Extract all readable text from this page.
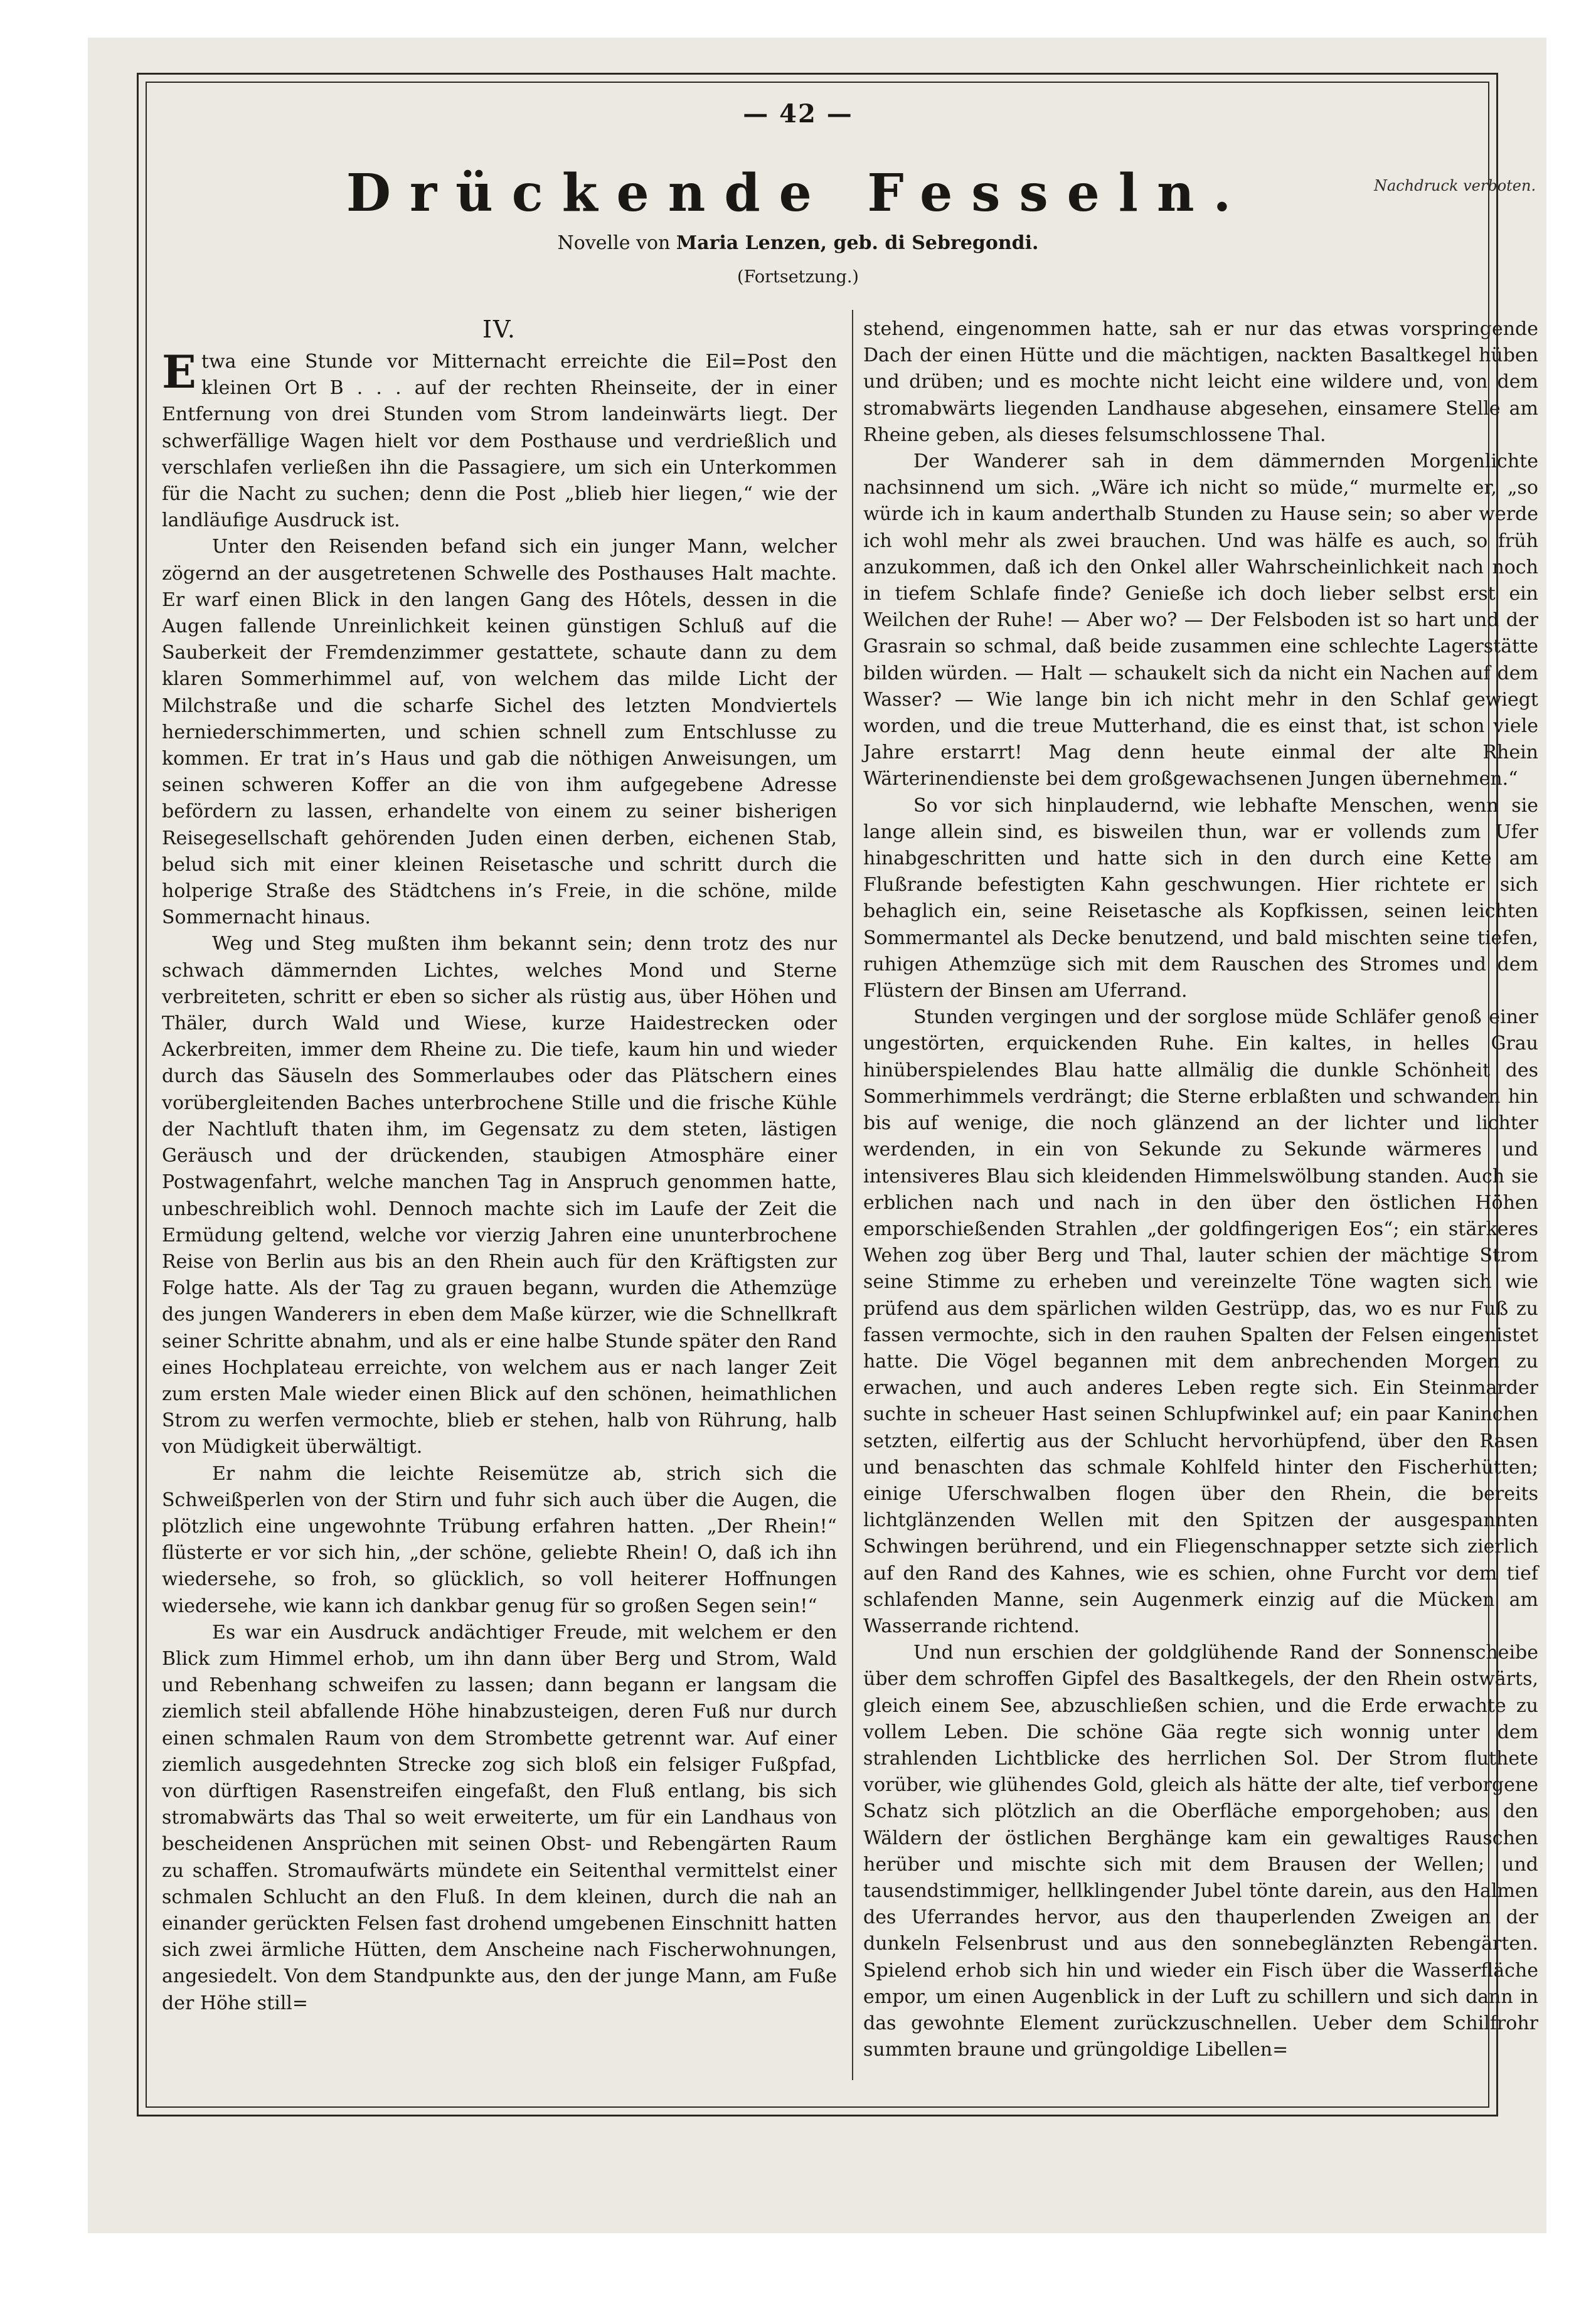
— 42 —
Drückende Fesseln.	Nachdruck verboten.
Novelle von Maria Lenzen, geb. di Sebregondi.
(Fortsetzung.)
IV.

Etwa eine Stunde vor Mitternacht erreichte die Eil=Post den kleinen Ort B . . . auf der rechten Rheinseite, der in einer Entfernung von drei Stunden vom Strom landeinwärts liegt. Der schwerfällige Wagen hielt vor dem Posthause und verdrießlich und verschlafen verließen ihn die Passagiere, um sich ein Unterkommen für die Nacht zu suchen; denn die Post „blieb hier liegen,“ wie der landläufige Ausdruck ist.

Unter den Reisenden befand sich ein junger Mann, welcher zögernd an der ausgetretenen Schwelle des Posthauses Halt machte. Er warf einen Blick in den langen Gang des Hôtels, dessen in die Augen fallende Unreinlichkeit keinen günstigen Schluß auf die Sauberkeit der Fremdenzimmer gestattete, schaute dann zu dem klaren Sommerhimmel auf, von welchem das milde Licht der Milchstraße und die scharfe Sichel des letzten Mondviertels herniederschimmerten, und schien schnell zum Entschlusse zu kommen. Er trat in’s Haus und gab die nöthigen Anweisungen, um seinen schweren Koffer an die von ihm aufgegebene Adresse befördern zu lassen, erhandelte von einem zu seiner bisherigen Reisegesellschaft gehörenden Juden einen derben, eichenen Stab, belud sich mit einer kleinen Reisetasche und schritt durch die holperige Straße des Städtchens in’s Freie, in die schöne, milde Sommernacht hinaus.

Weg und Steg mußten ihm bekannt sein; denn trotz des nur schwach dämmernden Lichtes, welches Mond und Sterne verbreiteten, schritt er eben so sicher als rüstig aus, über Höhen und Thäler, durch Wald und Wiese, kurze Haidestrecken oder Ackerbreiten, immer dem Rheine zu. Die tiefe, kaum hin und wieder durch das Säuseln des Sommerlaubes oder das Plätschern eines vorübergleitenden Baches unterbrochene Stille und die frische Kühle der Nachtluft thaten ihm, im Gegensatz zu dem steten, lästigen Geräusch und der drückenden, staubigen Atmosphäre einer Postwagenfahrt, welche manchen Tag in Anspruch genommen hatte, unbeschreiblich wohl. Dennoch machte sich im Laufe der Zeit die Ermüdung geltend, welche vor vierzig Jahren eine ununterbrochene Reise von Berlin aus bis an den Rhein auch für den Kräftigsten zur Folge hatte. Als der Tag zu grauen begann, wurden die Athemzüge des jungen Wanderers in eben dem Maße kürzer, wie die Schnellkraft seiner Schritte abnahm, und als er eine halbe Stunde später den Rand eines Hochplateau erreichte, von welchem aus er nach langer Zeit zum ersten Male wieder einen Blick auf den schönen, heimathlichen Strom zu werfen vermochte, blieb er stehen, halb von Rührung, halb von Müdigkeit überwältigt.

Er nahm die leichte Reisemütze ab, strich sich die Schweißperlen von der Stirn und fuhr sich auch über die Augen, die plötzlich eine ungewohnte Trübung erfahren hatten. „Der Rhein!“ flüsterte er vor sich hin, „der schöne, geliebte Rhein! O, daß ich ihn wiedersehe, so froh, so glücklich, so voll heiterer Hoffnungen wiedersehe, wie kann ich dankbar genug für so großen Segen sein!“

Es war ein Ausdruck andächtiger Freude, mit welchem er den Blick zum Himmel erhob, um ihn dann über Berg und Strom, Wald und Rebenhang schweifen zu lassen; dann begann er langsam die ziemlich steil abfallende Höhe hinabzusteigen, deren Fuß nur durch einen schmalen Raum von dem Strombette getrennt war. Auf einer ziemlich ausgedehnten Strecke zog sich bloß ein felsiger Fußpfad, von dürftigen Rasenstreifen eingefaßt, den Fluß entlang, bis sich stromabwärts das Thal so weit erweiterte, um für ein Landhaus von bescheidenen Ansprüchen mit seinen Obst- und Rebengärten Raum zu schaffen. Stromaufwärts mündete ein Seitenthal vermittelst einer schmalen Schlucht an den Fluß. In dem kleinen, durch die nah an einander gerückten Felsen fast drohend umgebenen Einschnitt hatten sich zwei ärmliche Hütten, dem Anscheine nach Fischerwohnungen, angesiedelt. Von dem Standpunkte aus, den der junge Mann, am Fuße der Höhe still=

stehend, eingenommen hatte, sah er nur das etwas vorspringende Dach der einen Hütte und die mächtigen, nackten Basaltkegel hüben und drüben; und es mochte nicht leicht eine wildere und, von dem stromabwärts liegenden Landhause abgesehen, einsamere Stelle am Rheine geben, als dieses felsumschlossene Thal.

Der Wanderer sah in dem dämmernden Morgenlichte nachsinnend um sich. „Wäre ich nicht so müde,“ murmelte er, „so würde ich in kaum anderthalb Stunden zu Hause sein; so aber werde ich wohl mehr als zwei brauchen. Und was hälfe es auch, so früh anzukommen, daß ich den Onkel aller Wahrscheinlichkeit nach noch in tiefem Schlafe finde? Genieße ich doch lieber selbst erst ein Weilchen der Ruhe! — Aber wo? — Der Felsboden ist so hart und der Grasrain so schmal, daß beide zusammen eine schlechte Lagerstätte bilden würden. — Halt — schaukelt sich da nicht ein Nachen auf dem Wasser? — Wie lange bin ich nicht mehr in den Schlaf gewiegt worden, und die treue Mutterhand, die es einst that, ist schon viele Jahre erstarrt! Mag denn heute einmal der alte Rhein Wärterinendienste bei dem großgewachsenen Jungen übernehmen.“

So vor sich hinplaudernd, wie lebhafte Menschen, wenn sie lange allein sind, es bisweilen thun, war er vollends zum Ufer hinabgeschritten und hatte sich in den durch eine Kette am Flußrande befestigten Kahn geschwungen. Hier richtete er sich behaglich ein, seine Reisetasche als Kopfkissen, seinen leichten Sommermantel als Decke benutzend, und bald mischten seine tiefen, ruhigen Athemzüge sich mit dem Rauschen des Stromes und dem Flüstern der Binsen am Uferrand.

Stunden vergingen und der sorglose müde Schläfer genoß einer ungestörten, erquickenden Ruhe. Ein kaltes, in helles Grau hinüberspielendes Blau hatte allmälig die dunkle Schönheit des Sommerhimmels verdrängt; die Sterne erblaßten und schwanden hin bis auf wenige, die noch glänzend an der lichter und lichter werdenden, in ein von Sekunde zu Sekunde wärmeres und intensiveres Blau sich kleidenden Himmelswölbung standen. Auch sie erblichen nach und nach in den über den östlichen Höhen emporschießenden Strahlen „der goldfingerigen Eos“; ein stärkeres Wehen zog über Berg und Thal, lauter schien der mächtige Strom seine Stimme zu erheben und vereinzelte Töne wagten sich wie prüfend aus dem spärlichen wilden Gestrüpp, das, wo es nur Fuß zu fassen vermochte, sich in den rauhen Spalten der Felsen eingenistet hatte. Die Vögel begannen mit dem anbrechenden Morgen zu erwachen, und auch anderes Leben regte sich. Ein Steinmarder suchte in scheuer Hast seinen Schlupfwinkel auf; ein paar Kaninchen setzten, eilfertig aus der Schlucht hervorhüpfend, über den Rasen und benaschten das schmale Kohlfeld hinter den Fischerhütten; einige Uferschwalben flogen über den Rhein, die bereits lichtglänzenden Wellen mit den Spitzen der ausgespannten Schwingen berührend, und ein Fliegenschnapper setzte sich zierlich auf den Rand des Kahnes, wie es schien, ohne Furcht vor dem tief schlafenden Manne, sein Augenmerk einzig auf die Mücken am Wasserrande richtend.

Und nun erschien der goldglühende Rand der Sonnenscheibe über dem schroffen Gipfel des Basaltkegels, der den Rhein ostwärts, gleich einem See, abzuschließen schien, und die Erde erwachte zu vollem Leben. Die schöne Gäa regte sich wonnig unter dem strahlenden Lichtblicke des herrlichen Sol. Der Strom fluthete vorüber, wie glühendes Gold, gleich als hätte der alte, tief verborgene Schatz sich plötzlich an die Oberfläche emporgehoben; aus den Wäldern der östlichen Berghänge kam ein gewaltiges Rauschen herüber und mischte sich mit dem Brausen der Wellen; und tausendstimmiger, hellklingender Jubel tönte darein, aus den Halmen des Uferrandes hervor, aus den thauperlenden Zweigen an der dunkeln Felsenbrust und aus den sonnebeglänzten Rebengärten. Spielend erhob sich hin und wieder ein Fisch über die Wasserfläche empor, um einen Augenblick in der Luft zu schillern und sich dann in das gewohnte Element zurückzuschnellen. Ueber dem Schilfrohr summten braune und grüngoldige Libellen=
